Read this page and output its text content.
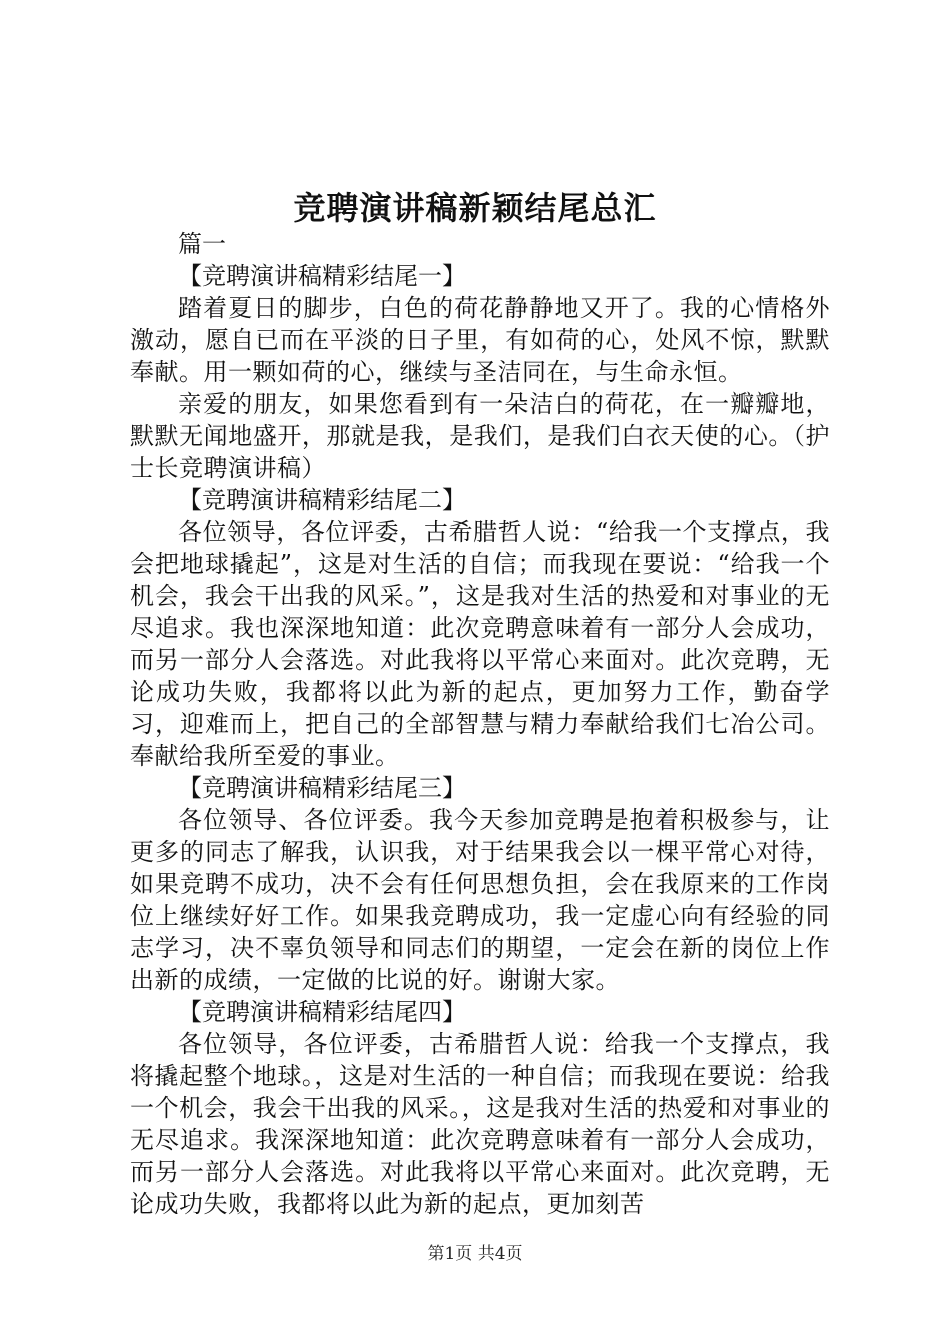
竞聘演讲稿新颖结尾总汇

篇一

【竞聘演讲稿精彩结尾一】

踏着夏日的脚步，白色的荷花静静地又开了。我的心情格外激动，愿自已而在平淡的日子里，有如荷的心，处风不惊，默默奉献。用一颗如荷的心，继续与圣洁同在，与生命永恒。

亲爱的朋友，如果您看到有一朵洁白的荷花，在一瓣瓣地，默默无闻地盛开，那就是我，是我们，是我们白衣天使的心。（护士长竞聘演讲稿）

【竞聘演讲稿精彩结尾二】

各位领导，各位评委，古希腊哲人说：“给我一个支撑点，我会把地球撬起”，这是对生活的自信；而我现在要说：“给我一个机会，我会干出我的风采。”，这是我对生活的热爱和对事业的无尽追求。我也深深地知道：此次竞聘意味着有一部分人会成功，而另一部分人会落选。对此我将以平常心来面对。此次竞聘，无论成功失败，我都将以此为新的起点，更加努力工作，勤奋学习，迎难而上，把自己的全部智慧与精力奉献给我们七冶公司。奉献给我所至爱的事业。

【竞聘演讲稿精彩结尾三】

各位领导、各位评委。我今天参加竞聘是抱着积极参与，让更多的同志了解我，认识我，对于结果我会以一棵平常心对待，如果竞聘不成功，决不会有任何思想负担，会在我原来的工作岗位上继续好好工作。如果我竞聘成功，我一定虚心向有经验的同志学习，决不辜负领导和同志们的期望，一定会在新的岗位上作出新的成绩，一定做的比说的好。谢谢大家。

【竞聘演讲稿精彩结尾四】

各位领导，各位评委，古希腊哲人说：给我一个支撑点，我将撬起整个地球。，这是对生活的一种自信；而我现在要说：给我一个机会，我会干出我的风采。，这是我对生活的热爱和对事业的无尽追求。我深深地知道：此次竞聘意味着有一部分人会成功，而另一部分人会落选。对此我将以平常心来面对。此次竞聘，无论成功失败，我都将以此为新的起点，更加刻苦

第1页 共4页
